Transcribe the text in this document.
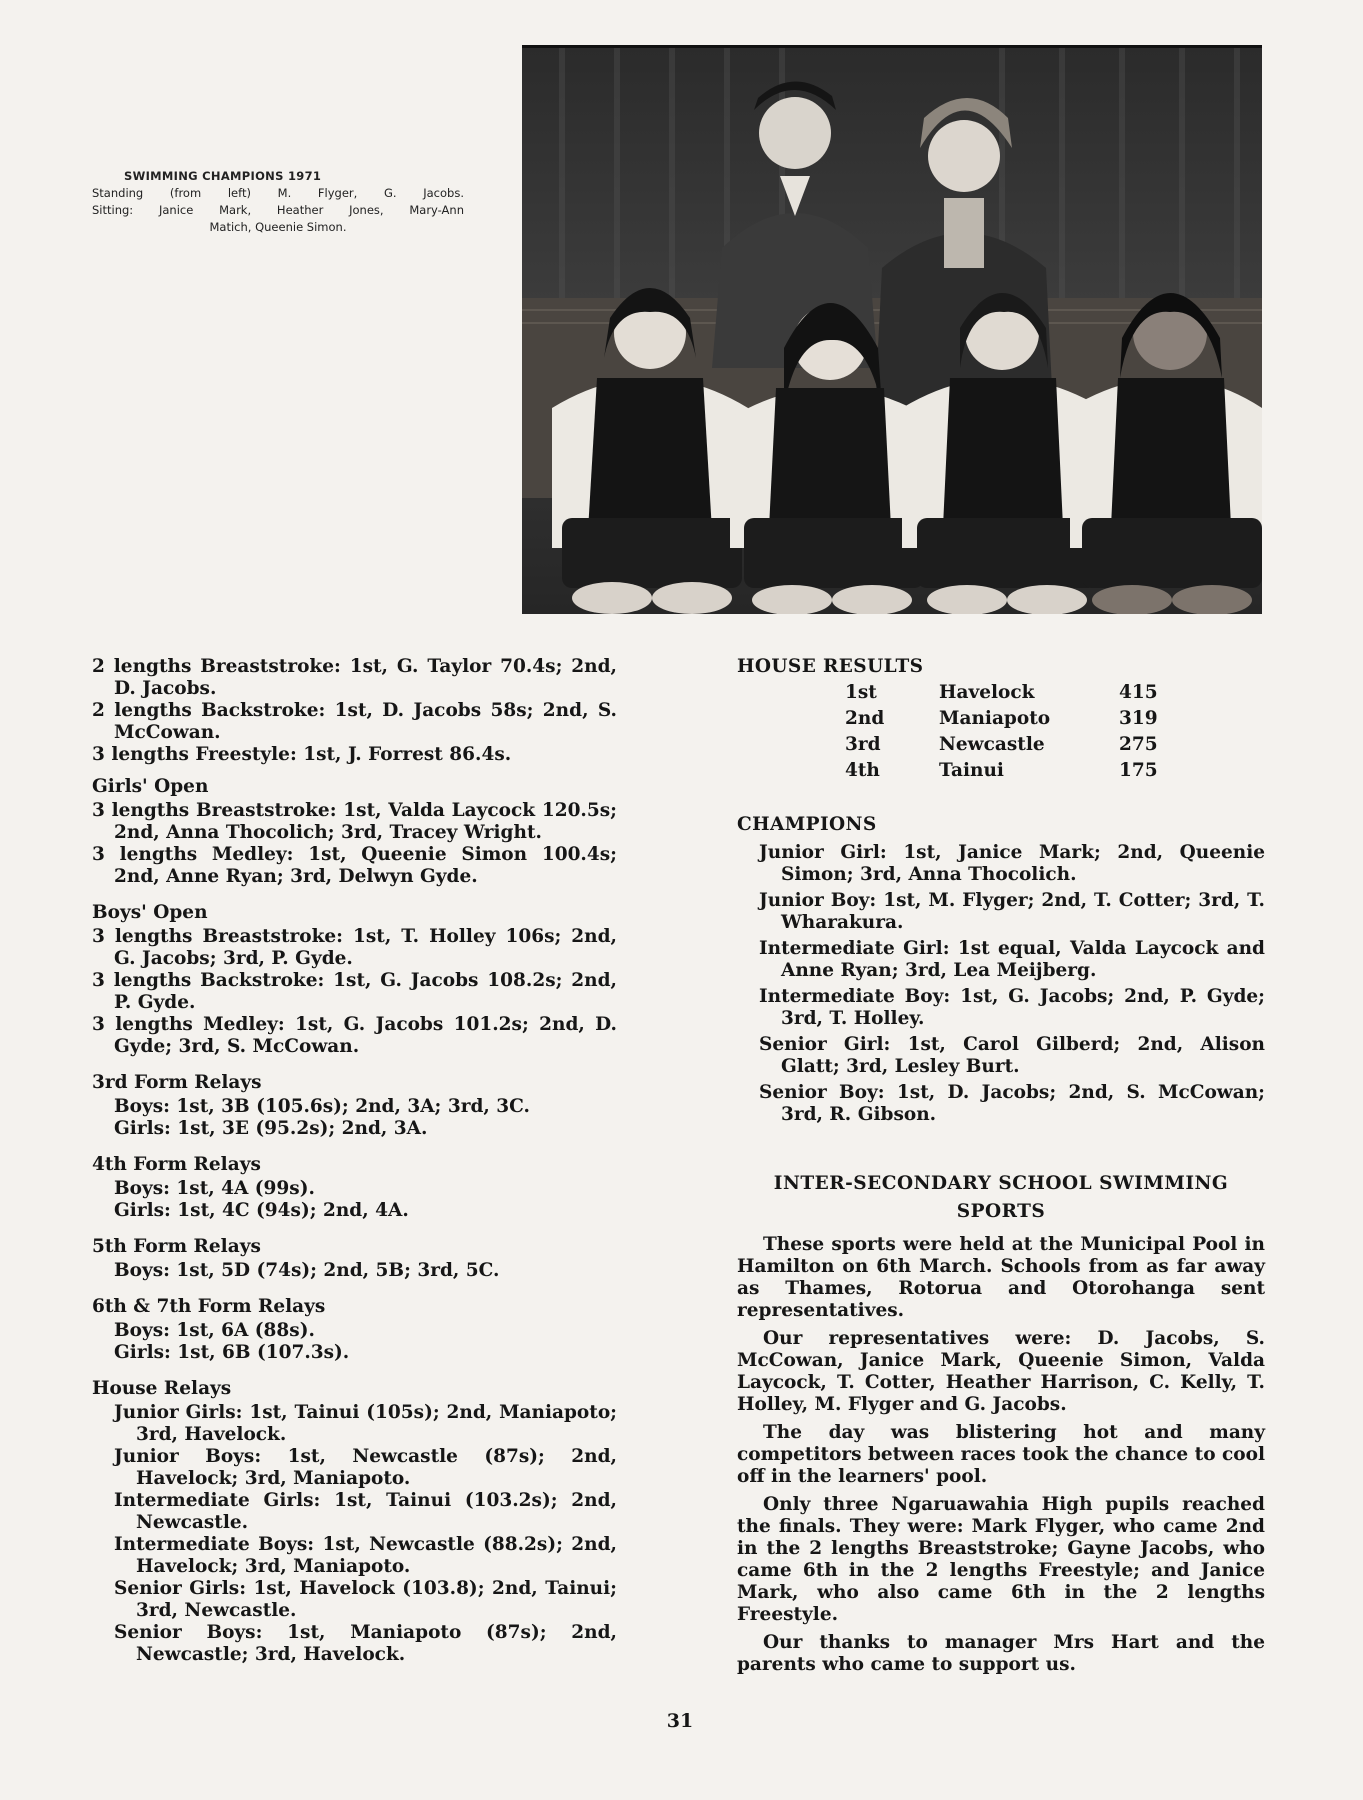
SWIMMING CHAMPIONS 1971
Standing (from left) M. Flyger, G. Jacobs.
Sitting: Janice Mark, Heather Jones, Mary-Ann
Matich, Queenie Simon.
2 lengths Breaststroke: 1st, G. Taylor 70.4s; 2nd, D. Jacobs.
2 lengths Backstroke: 1st, D. Jacobs 58s; 2nd, S. McCowan.
3 lengths Freestyle: 1st, J. Forrest 86.4s.
Girls' Open
3 lengths Breaststroke: 1st, Valda Laycock 120.5s; 2nd, Anna Thocolich; 3rd, Tracey Wright.
3 lengths Medley: 1st, Queenie Simon 100.4s; 2nd, Anne Ryan; 3rd, Delwyn Gyde.
Boys' Open
3 lengths Breaststroke: 1st, T. Holley 106s; 2nd, G. Jacobs; 3rd, P. Gyde.
3 lengths Backstroke: 1st, G. Jacobs 108.2s; 2nd, P. Gyde.
3 lengths Medley: 1st, G. Jacobs 101.2s; 2nd, D. Gyde; 3rd, S. McCowan.
3rd Form Relays
Boys: 1st, 3B (105.6s); 2nd, 3A; 3rd, 3C.
Girls: 1st, 3E (95.2s); 2nd, 3A.
4th Form Relays
Boys: 1st, 4A (99s).
Girls: 1st, 4C (94s); 2nd, 4A.
5th Form Relays
Boys: 1st, 5D (74s); 2nd, 5B; 3rd, 5C.
6th & 7th Form Relays
Boys: 1st, 6A (88s).
Girls: 1st, 6B (107.3s).
House Relays
Junior Girls: 1st, Tainui (105s); 2nd, Maniapoto; 3rd, Havelock.
Junior Boys: 1st, Newcastle (87s); 2nd, Havelock; 3rd, Maniapoto.
Intermediate Girls: 1st, Tainui (103.2s); 2nd, Newcastle.
Intermediate Boys: 1st, Newcastle (88.2s); 2nd, Havelock; 3rd, Maniapoto.
Senior Girls: 1st, Havelock (103.8); 2nd, Tainui; 3rd, Newcastle.
Senior Boys: 1st, Maniapoto (87s); 2nd, Newcastle; 3rd, Havelock.
HOUSE RESULTS
1st	Havelock	415
2nd	Maniapoto	319
3rd	Newcastle	275
4th	Tainui	175
CHAMPIONS
Junior Girl: 1st, Janice Mark; 2nd, Queenie Simon; 3rd, Anna Thocolich.
Junior Boy: 1st, M. Flyger; 2nd, T. Cotter; 3rd, T. Wharakura.
Intermediate Girl: 1st equal, Valda Laycock and Anne Ryan; 3rd, Lea Meijberg.
Intermediate Boy: 1st, G. Jacobs; 2nd, P. Gyde; 3rd, T. Holley.
Senior Girl: 1st, Carol Gilberd; 2nd, Alison Glatt; 3rd, Lesley Burt.
Senior Boy: 1st, D. Jacobs; 2nd, S. McCowan; 3rd, R. Gibson.
INTER-SECONDARY SCHOOL SWIMMING
SPORTS
These sports were held at the Municipal Pool in Hamilton on 6th March. Schools from as far away as Thames, Rotorua and Otorohanga sent representatives.
Our representatives were: D. Jacobs, S. McCowan, Janice Mark, Queenie Simon, Valda Laycock, T. Cotter, Heather Harrison, C. Kelly, T. Holley, M. Flyger and G. Jacobs.
The day was blistering hot and many competitors between races took the chance to cool off in the learners' pool.
Only three Ngaruawahia High pupils reached the finals. They were: Mark Flyger, who came 2nd in the 2 lengths Breaststroke; Gayne Jacobs, who came 6th in the 2 lengths Freestyle; and Janice Mark, who also came 6th in the 2 lengths Freestyle.
Our thanks to manager Mrs Hart and the parents who came to support us.
31
